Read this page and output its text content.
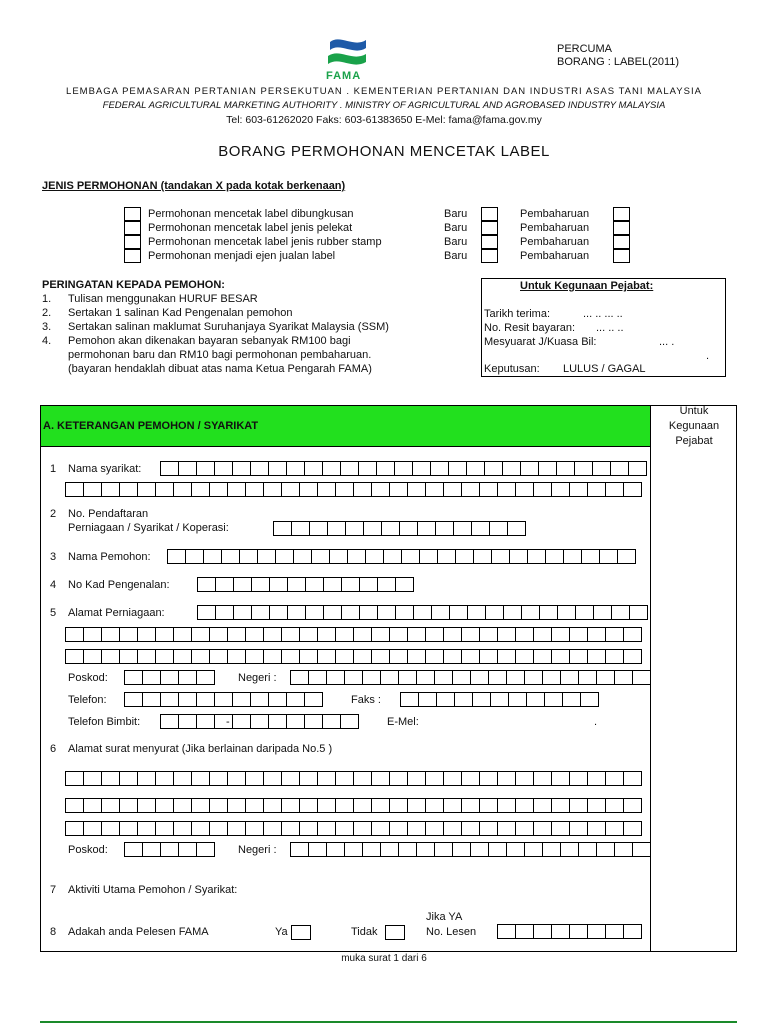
FAMA
PERCUMA
BORANG : LABEL(2011)
LEMBAGA PEMASARAN PERTANIAN PERSEKUTUAN . KEMENTERIAN PERTANIAN DAN INDUSTRI ASAS TANI MALAYSIA
FEDERAL AGRICULTURAL MARKETING AUTHORITY . MINISTRY OF AGRICULTURAL AND AGROBASED INDUSTRY MALAYSIA
Tel: 603-61262020 Faks: 603-61383650 E-Mel: fama@fama.gov.my
BORANG PERMOHONAN MENCETAK LABEL
JENIS PERMOHONAN (tandakan X pada kotak berkenaan)
Permohonan mencetak label dibungkusan	Baru	Pembaharuan
Permohonan mencetak label jenis pelekat	Baru	Pembaharuan
Permohonan mencetak label jenis rubber stamp	Baru	Pembaharuan
Permohonan menjadi ejen jualan label	Baru	Pembaharuan
PERINGATAN KEPADA PEMOHON:
1. Tulisan menggunakan HURUF BESAR
2. Sertakan 1 salinan Kad Pengenalan pemohon
3. Sertakan salinan maklumat Suruhanjaya Syarikat Malaysia (SSM)
4. Pemohon akan dikenakan bayaran sebanyak RM100 bagi
permohonan baru dan RM10 bagi permohonan pembaharuan.
(bayaran hendaklah dibuat atas nama Ketua Pengarah FAMA)
Untuk Kegunaan Pejabat:
Tarikh terima:	... .. ... ..
No. Resit bayaran: ... .. ..
Mesyuarat J/Kuasa Bil:	... .
.
Keputusan: LULUS / GAGAL
A. KETERANGAN PEMOHON / SYARIKAT
Untuk
Kegunaan
Pejabat
1 Nama syarikat:
2 No. Pendaftaran
Perniagaan / Syarikat / Koperasi:
3 Nama Pemohon:
4 No Kad Pengenalan:
5 Alamat Perniagaan:
Poskod:	Negeri :
Telefon:	Faks :
Telefon Bimbit:	-	E-Mel:	.
6 Alamat surat menyurat (Jika berlainan daripada No.5 )
Poskod:	Negeri :
7 Aktiviti Utama Pemohon / Syarikat:
8 Adakah anda Pelesen FAMA	Ya	Tidak
Jika YA
No. Lesen
muka surat 1 dari 6
